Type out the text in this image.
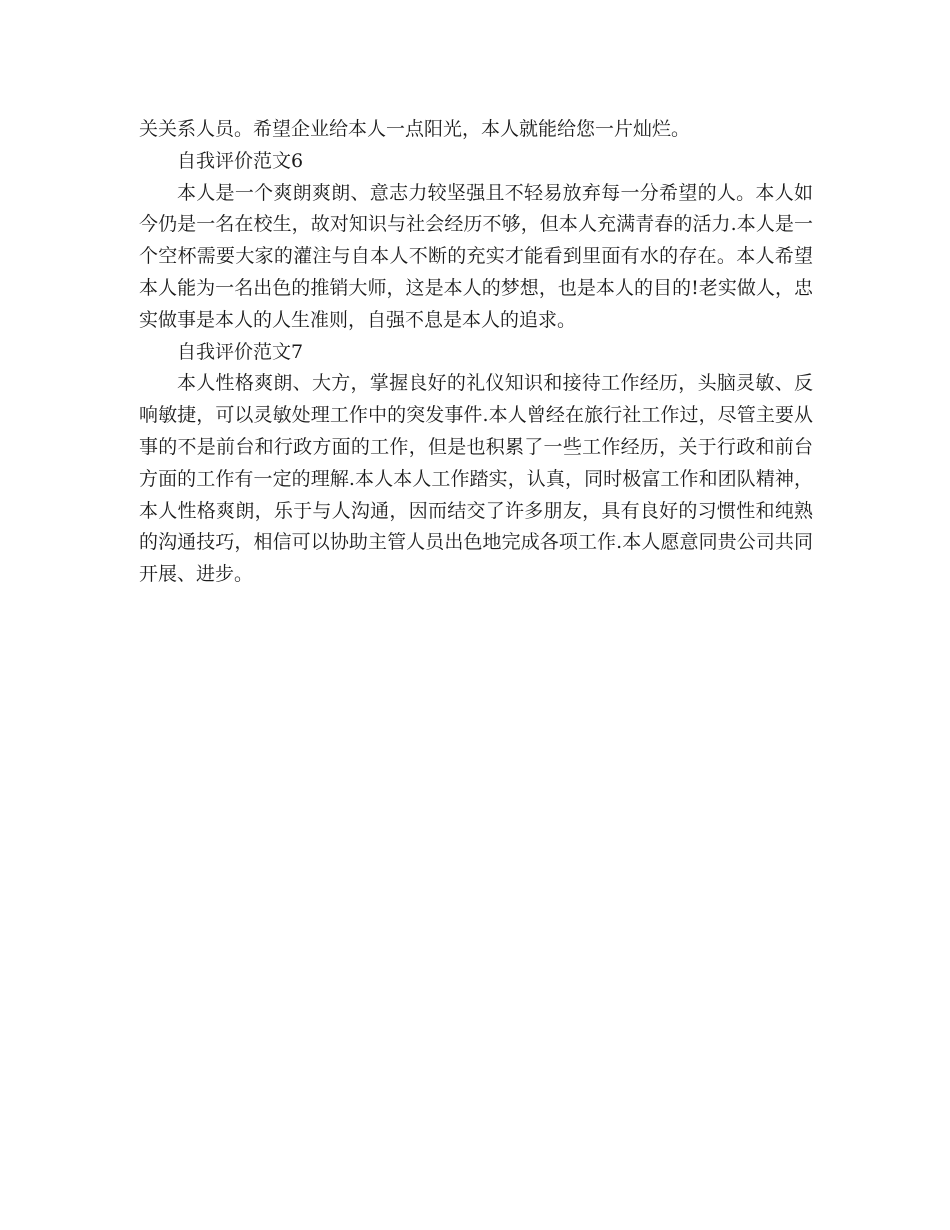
关关系人员。希望企业给本人一点阳光，本人就能给您一片灿烂。

自我评价范文6

本人是一个爽朗爽朗、意志力较坚强且不轻易放弃每一分希望的人。本人如今仍是一名在校生，故对知识与社会经历不够，但本人充满青春的活力.本人是一个空杯需要大家的灌注与自本人不断的充实才能看到里面有水的存在。本人希望本人能为一名出色的推销大师，这是本人的梦想，也是本人的目的!老实做人，忠实做事是本人的人生准则，自强不息是本人的追求。

自我评价范文7

本人性格爽朗、大方，掌握良好的礼仪知识和接待工作经历，头脑灵敏、反响敏捷，可以灵敏处理工作中的突发事件.本人曾经在旅行社工作过，尽管主要从事的不是前台和行政方面的工作，但是也积累了一些工作经历，关于行政和前台方面的工作有一定的理解.本人本人工作踏实，认真，同时极富工作和团队精神，本人性格爽朗，乐于与人沟通，因而结交了许多朋友，具有良好的习惯性和纯熟的沟通技巧，相信可以协助主管人员出色地完成各项工作.本人愿意同贵公司共同开展、进步。
